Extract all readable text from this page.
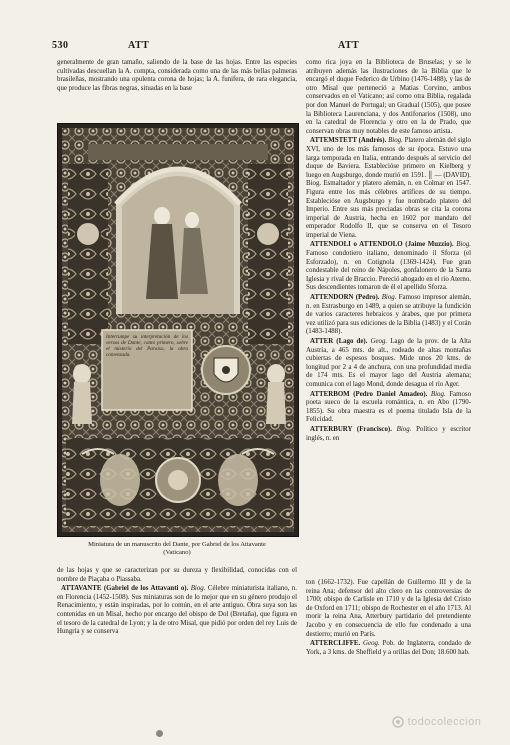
530	ATT	ATT

generalmente de gran tamaño, saliendo de la base de las hojas. Entre las especies cultivadas descuellan la A. compta, considerada como una de las más bellas palmeras brasileñas, mostrando una opulenta corona de hojas; la A. funifera, de rara elegancia, que produce las fibras negras, situadas en la base

Interrumpe su interpretación de los versos de Dante, canto primero, sobre el misterio del Paraíso, la obra comenzada.
Miniatura de un manuscrito del Dante, por Gabriel de los Attavante
(Vaticano)

como rica joya en la Biblioteca de Bruselas; y se le atribuyen además las ilustraciones de la Biblia que le encargó el duque Federico de Urbino (1476-1488), y las de otro Misal que perteneció a Matías Corvino, ambos conservados en el Vaticano; así como otra Biblia, regalada por don Manuel de Portugal; un Gradual (1505), que posee la Biblioteca Laurenciana, y dos Antifonarios (1508), uno en la catedral de Florencia y otro en la de Prado, que conservan obras muy notables de este famoso artista.

ATTEMSTETT (Andrés). Biog. Platero alemán del siglo XVI, uno de los más famosos de su época. Estuvo una larga temporada en Italia, entrando después al servicio del duque de Baviera. Establecióse primero en Kielberg y luego en Augsburgo, donde murió en 1591. ║ — (DAVID). Biog. Esmaltador y platero alemán, n. en Colmar en 1547. Figura entre los más célebres artífices de su tiempo. Establecióse en Augsburgo y fue nombrado platero del Imperio. Entre sus más preciadas obras se cita la corona imperial de Austria, hecha en 1602 por mandato del emperador Rodolfo II, que se conserva en el Tesoro imperial de Viena.

ATTENDOLI o ATTENDOLO (Jaime Muzzio). Biog. Famoso condotiero italiano, denominado il Sforza (el Esforzado), n. en Cotignola (1369-1424). Fue gran condestable del reino de Nápoles, gonfalonero de la Santa Iglesia y rival de Braccio. Pereció ahogado en el río Aterno. Sus descendientes tomaron de él el apellido Sforza.

ATTENDORN (Pedro). Biog. Famoso impresor alemán, n. en Estrasburgo en 1489, a quien se atribuye la fundición de varios caracteres hebraicos y árabes, que por primera vez utilizó para sus ediciones de la Biblia (1483) y el Corán (1483-1488).

ATTER (Lago de). Geog. Lago de la prov. de la Alta Austria, a 465 mts. de alt., rodeado de altas montañas cubiertas de espesos bosques. Mide unos 20 kms. de longitud por 2 a 4 de anchura, con una profundidad media de 174 mts. Es el mayor lago del Austria alemana; comunica con el lago Mond, donde desagua el río Ager.

ATTERBOM (Pedro Daniel Amadeo). Biog. Famoso poeta sueco de la escuela romántica, n. en Abo (1790-1855). Su obra maestra es el poema titulado Isla de la Felicidad.

ATTERBURY (Francisco). Biog. Político y escritor inglés, n. en

de las hojas y que se caracterizan por su dureza y flexibilidad, conocidas con el nombre de Piaçaba o Piassaba.

ATTAVANTE (Gabriel de los Attavanti o). Biog. Célebre miniaturista italiano, n. en Florencia (1452-1508). Sus miniaturas son de lo mejor que en su género produjo el Renacimiento, y están inspiradas, por lo común, en el arte antiguo. Obra suya son las contenidas en un Misal, hecho por encargo del obispo de Dol (Bretaña), que figura en el tesoro de la catedral de Lyon; y la de otro Misal, que pidió por orden del rey Luis de Hungría y se conserva

ton (1662-1732). Fue capellán de Guillermo III y de la reina Ana; defensor del alto clero en las controversias de 1700; obispo de Carlisle en 1710 y de la Iglesia del Cristo de Oxford en 1711; obispo de Rochester en el año 1713. Al morir la reina Ana, Atterbury partidario del pretendiente Jacobo y en consecuencia de ello fue condenado a una destierro; murió en París.

ATTERCLIFFE. Geog. Pob. de Inglaterra, condado de York, a 3 kms. de Sheffield y a orillas del Don; 18.600 hab.

todocoleccion
